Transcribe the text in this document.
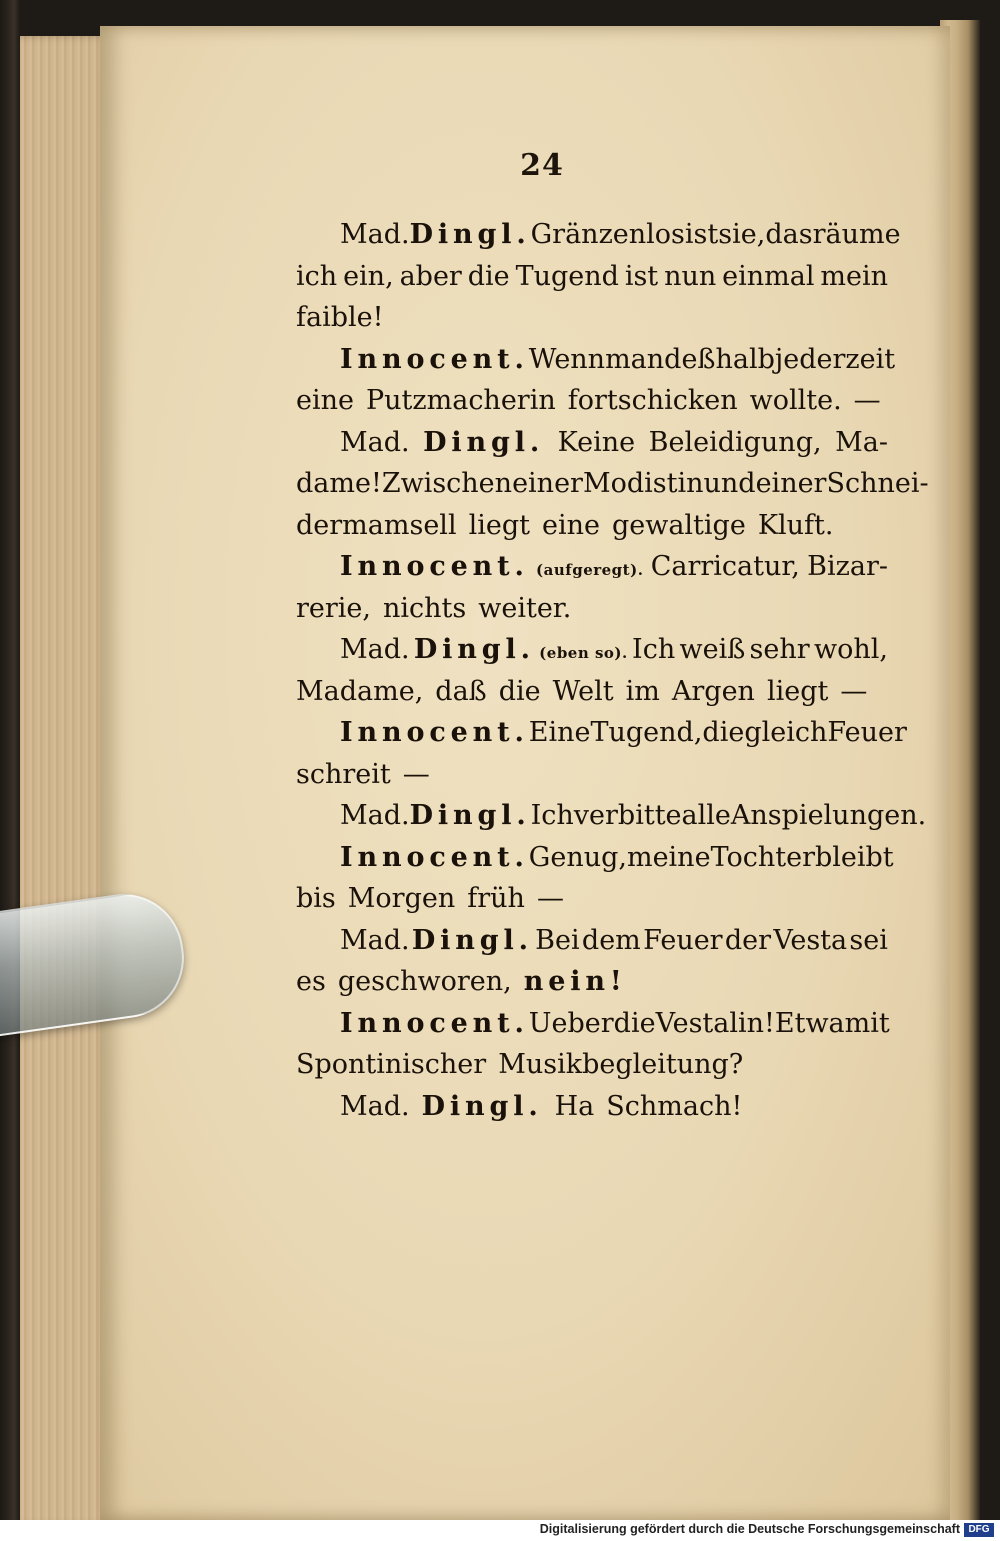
24
Mad. Dingl. Gränzenlos ist sie, das räume
ich ein, aber die Tugend ist nun einmal mein
faible!
Innocent. Wenn man deßhalb jederzeit
eine Putzmacherin fortschicken wollte. —
Mad. Dingl. Keine Beleidigung, Ma-
dame! Zwischen einer Modistin und einer Schnei-
dermamsell liegt eine gewaltige Kluft.
Innocent. (aufgeregt). Carricatur, Bizar-
rerie, nichts weiter.
Mad. Dingl. (eben so). Ich weiß sehr wohl,
Madame, daß die Welt im Argen liegt —
Innocent. Eine Tugend, die gleich Feuer
schreit —
Mad. Dingl. Ich verbitte alle Anspielungen.
Innocent. Genug, meine Tochter bleibt
bis Morgen früh —
Mad. Dingl. Bei dem Feuer der Vesta sei
es geschworen, nein!
Innocent. Ueber die Vestalin! Etwa mit
Spontinischer Musikbegleitung?
Mad. Dingl. Ha Schmach!
Digitalisierung gefördert durch die Deutsche Forschungsgemeinschaft DFG
